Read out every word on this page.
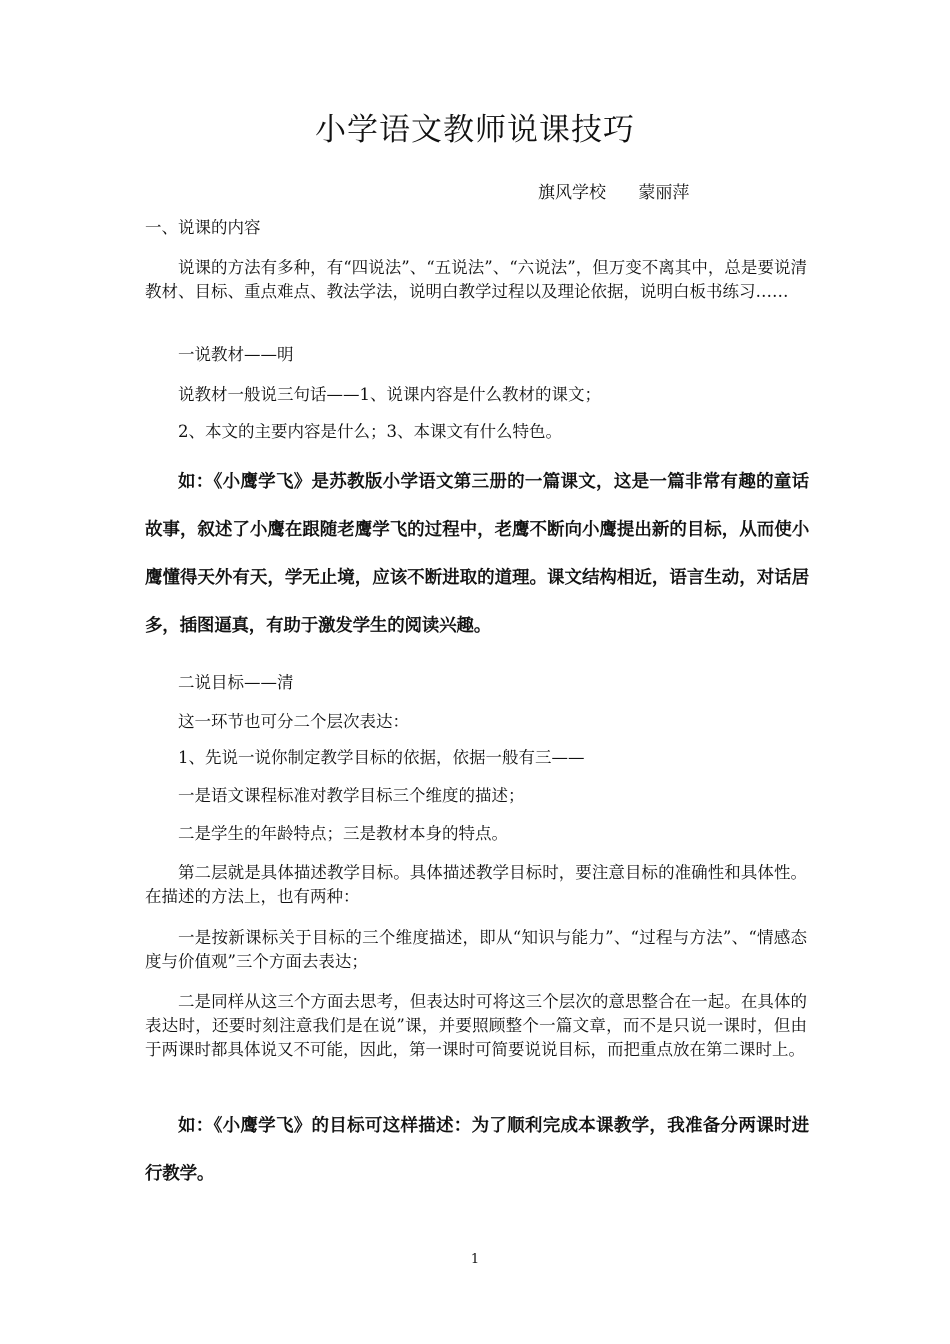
小学语文教师说课技巧
旗风学校      蒙丽萍
一、说课的内容
说课的方法有多种，有“四说法”、“五说法”、“六说法”，但万变不离其中，总是要说清教材、目标、重点难点、教法学法，说明白教学过程以及理论依据，说明白板书练习……
一说教材——明
说教材一般说三句话——1、说课内容是什么教材的课文；
2、本文的主要内容是什么；3、本课文有什么特色。
如：《小鹰学飞》是苏教版小学语文第三册的一篇课文，这是一篇非常有趣的童话故事，叙述了小鹰在跟随老鹰学飞的过程中，老鹰不断向小鹰提出新的目标，从而使小鹰懂得天外有天，学无止境，应该不断进取的道理。课文结构相近，语言生动，对话居多，插图逼真，有助于激发学生的阅读兴趣。
二说目标——清
这一环节也可分二个层次表达：
1、先说一说你制定教学目标的依据，依据一般有三——
一是语文课程标准对教学目标三个维度的描述；
二是学生的年龄特点；三是教材本身的特点。
第二层就是具体描述教学目标。具体描述教学目标时，要注意目标的准确性和具体性。在描述的方法上，也有两种：
一是按新课标关于目标的三个维度描述，即从“知识与能力”、“过程与方法”、“情感态度与价值观”三个方面去表达；
二是同样从这三个方面去思考，但表达时可将这三个层次的意思整合在一起。在具体的表达时，还要时刻注意我们是在说”课，并要照顾整个一篇文章，而不是只说一课时，但由于两课时都具体说又不可能，因此，第一课时可简要说说目标，而把重点放在第二课时上。
如：《小鹰学飞》的目标可这样描述：为了顺利完成本课教学，我准备分两课时进行教学。
1
